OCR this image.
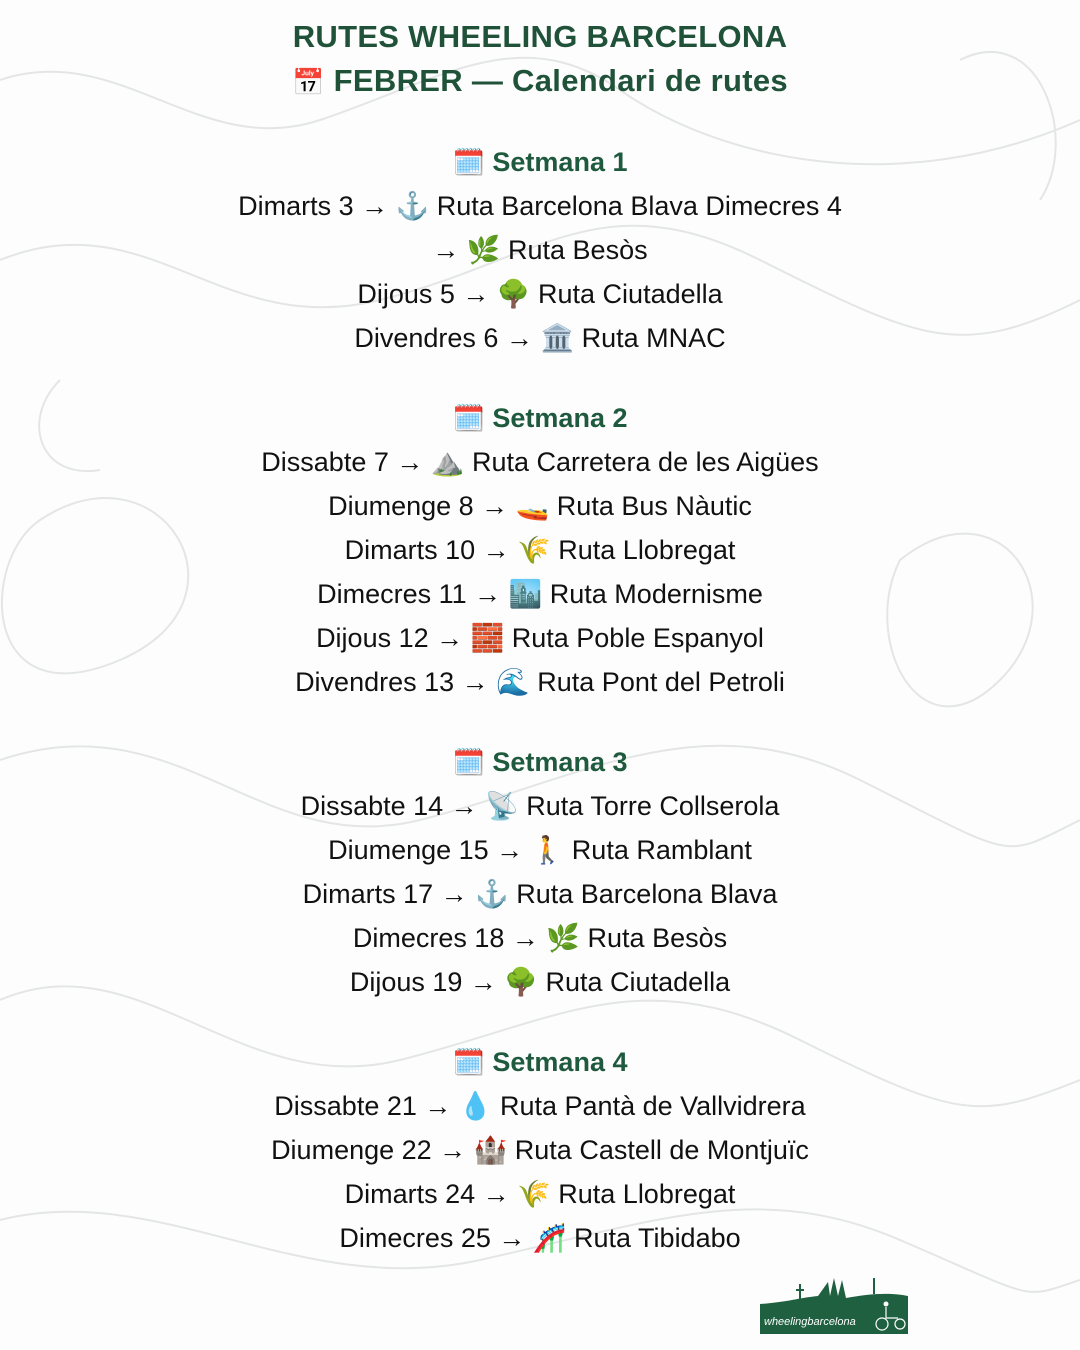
RUTES WHEELING BARCELONA
📅 FEBRER — Calendari de rutes
🗓️ Setmana 1
Dimarts 3 → ⚓ Ruta Barcelona Blava Dimecres 4
→ 🌿 Ruta Besòs
Dijous 5 → 🌳 Ruta Ciutadella
Divendres 6 → 🏛️ Ruta MNAC
🗓️ Setmana 2
Dissabte 7 → ⛰️ Ruta Carretera de les Aigües
Diumenge 8 → 🚤 Ruta Bus Nàutic
Dimarts 10 → 🌾 Ruta Llobregat
Dimecres 11 → 🏙️ Ruta Modernisme
Dijous 12 → 🧱 Ruta Poble Espanyol
Divendres 13 → 🌊 Ruta Pont del Petroli
🗓️ Setmana 3
Dissabte 14 → 📡 Ruta Torre Collserola
Diumenge 15 → 🚶 Ruta Ramblant
Dimarts 17 → ⚓ Ruta Barcelona Blava
Dimecres 18 → 🌿 Ruta Besòs
Dijous 19 → 🌳 Ruta Ciutadella
🗓️ Setmana 4
Dissabte 21 → 💧 Ruta Pantà de Vallvidrera
Diumenge 22 → 🏰 Ruta Castell de Montjuïc
Dimarts 24 → 🌾 Ruta Llobregat
Dimecres 25 → 🎢 Ruta Tibidabo
wheelingbarcelona
